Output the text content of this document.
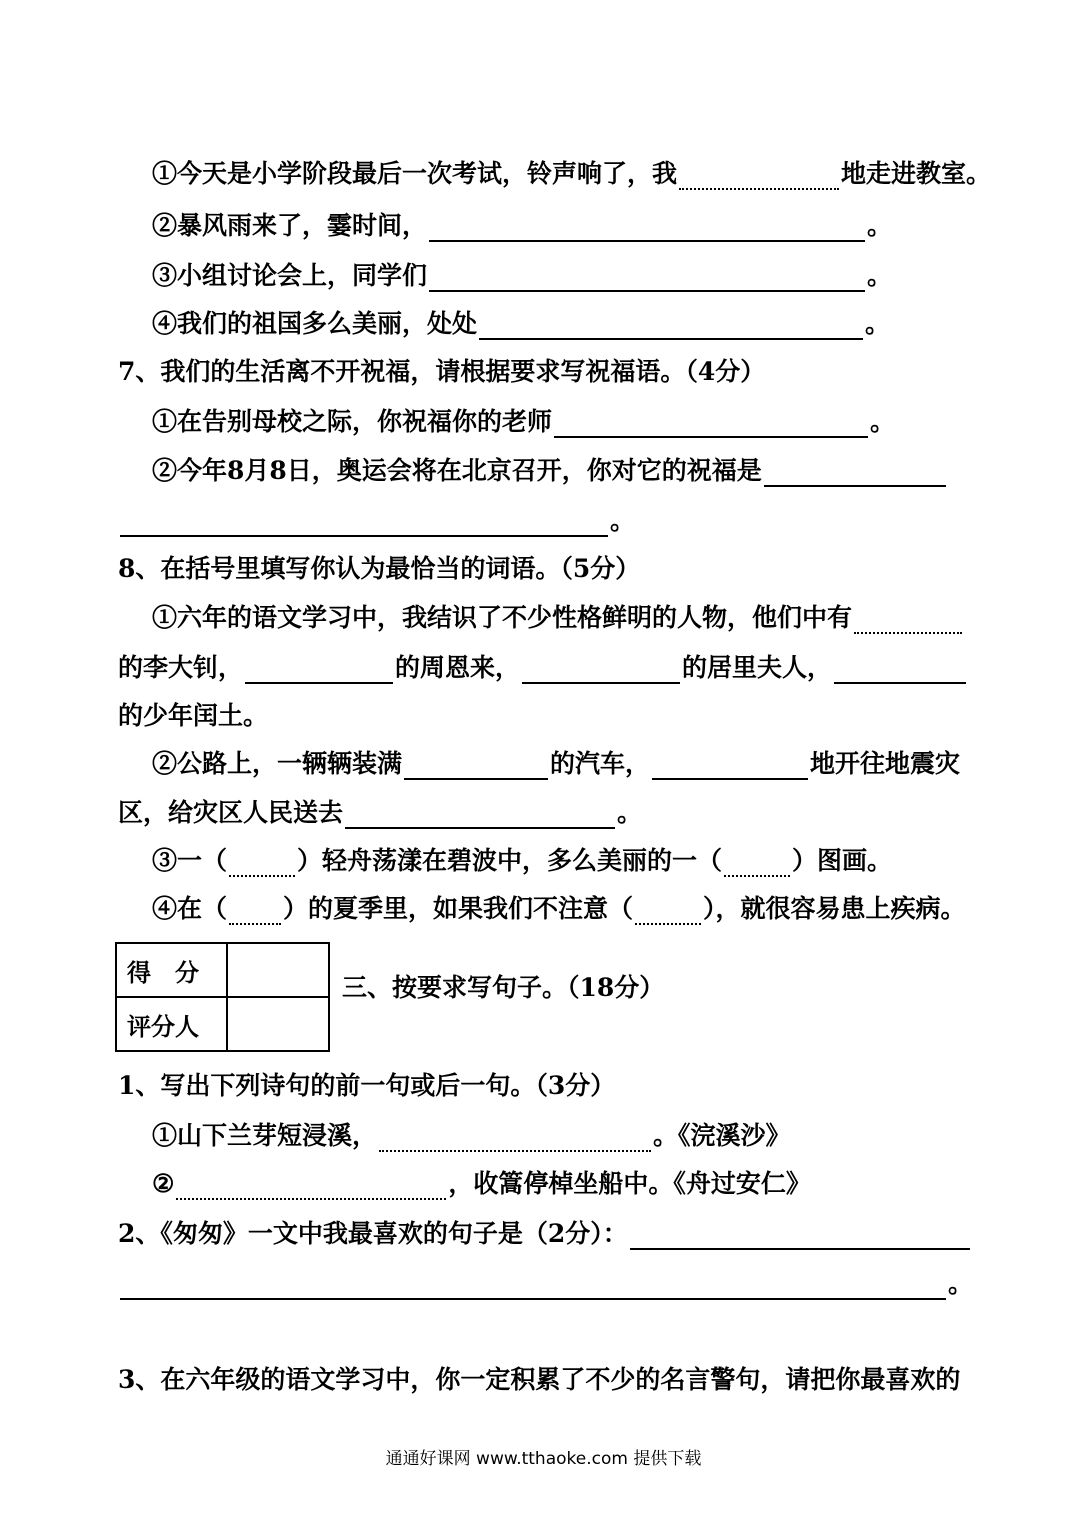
①今天是小学阶段最后一次考试，铃声响了，我	地走进教室。
②暴风雨来了，霎时间，	。
③小组讨论会上，同学们	。
④我们的祖国多么美丽，处处	。
7、我们的生活离不开祝福，请根据要求写祝福语。（4分）
①在告别母校之际，你祝福你的老师	。
②今年8月8日，奥运会将在北京召开，你对它的祝福是
。
8、在括号里填写你认为最恰当的词语。（5分）
①六年的语文学习中，我结识了不少性格鲜明的人物，他们中有
的李大钊，	的周恩来，	的居里夫人，
的少年闰土。
②公路上，一辆辆装满	的汽车，	地开往地震灾
区，给灾区人民送去	。
③一（	）轻舟荡漾在碧波中，多么美丽的一（	）图画。
④在（ ）的夏季里，如果我们不注意（	），就很容易患上疾病。
得　分	
评分人	
三、按要求写句子。（18分）
1、写出下列诗句的前一句或后一句。（3分）
①山下兰芽短浸溪，	。《浣溪沙》
②	，收篙停棹坐船中。《舟过安仁》
2、《匆匆》一文中我最喜欢的句子是（2分）：
。
3、在六年级的语文学习中，你一定积累了不少的名言警句，请把你最喜欢的
通通好课网 www.tthaoke.com 提供下载
